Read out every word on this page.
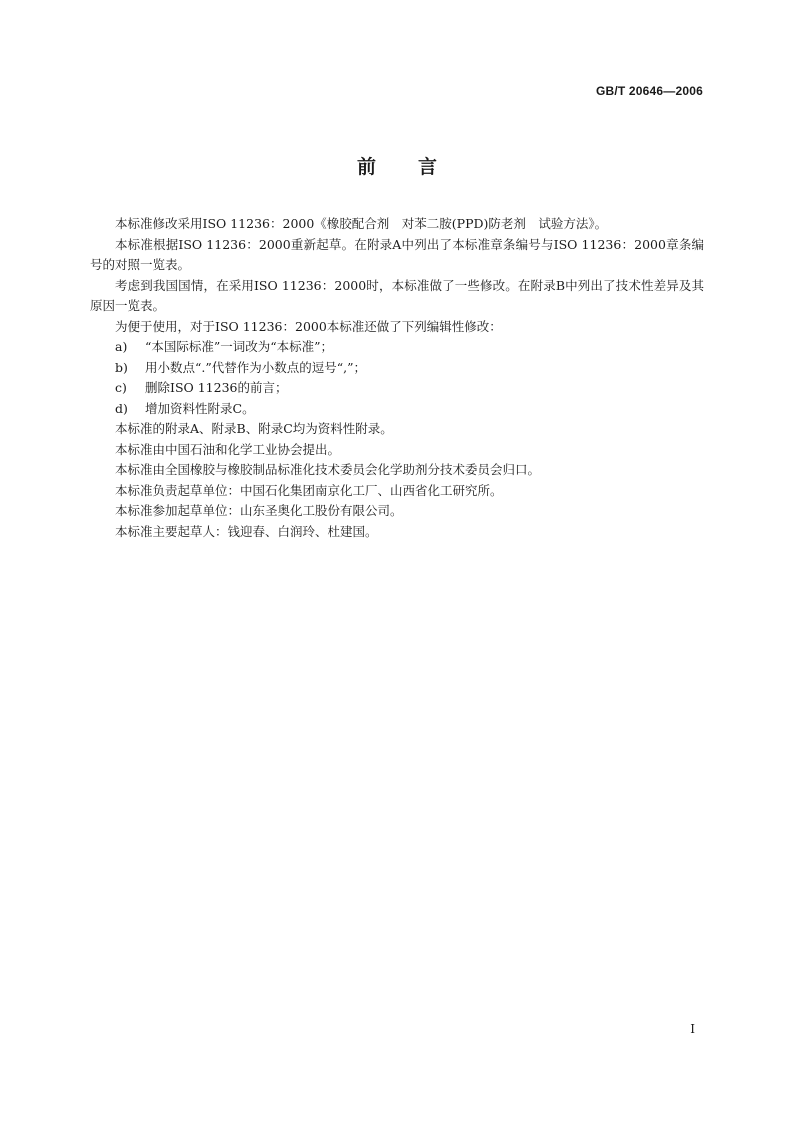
GB/T 20646—2006
前言

本标准修改采用ISO 11236：2000《橡胶配合剂　对苯二胺(PPD)防老剂　试验方法》。

本标准根据ISO 11236：2000重新起草。在附录A中列出了本标准章条编号与ISO 11236：2000章条编号的对照一览表。

考虑到我国国情，在采用ISO 11236：2000时，本标准做了一些修改。在附录B中列出了技术性差异及其原因一览表。

为便于使用，对于ISO 11236：2000本标准还做了下列编辑性修改：

a) “本国际标准”一词改为“本标准”；

b) 用小数点“.”代替作为小数点的逗号“,”；

c) 删除ISO 11236的前言；

d) 增加资料性附录C。

本标准的附录A、附录B、附录C均为资料性附录。

本标准由中国石油和化学工业协会提出。

本标准由全国橡胶与橡胶制品标准化技术委员会化学助剂分技术委员会归口。

本标准负责起草单位：中国石化集团南京化工厂、山西省化工研究所。

本标准参加起草单位：山东圣奥化工股份有限公司。

本标准主要起草人：钱迎春、白润玲、杜建国。

I
